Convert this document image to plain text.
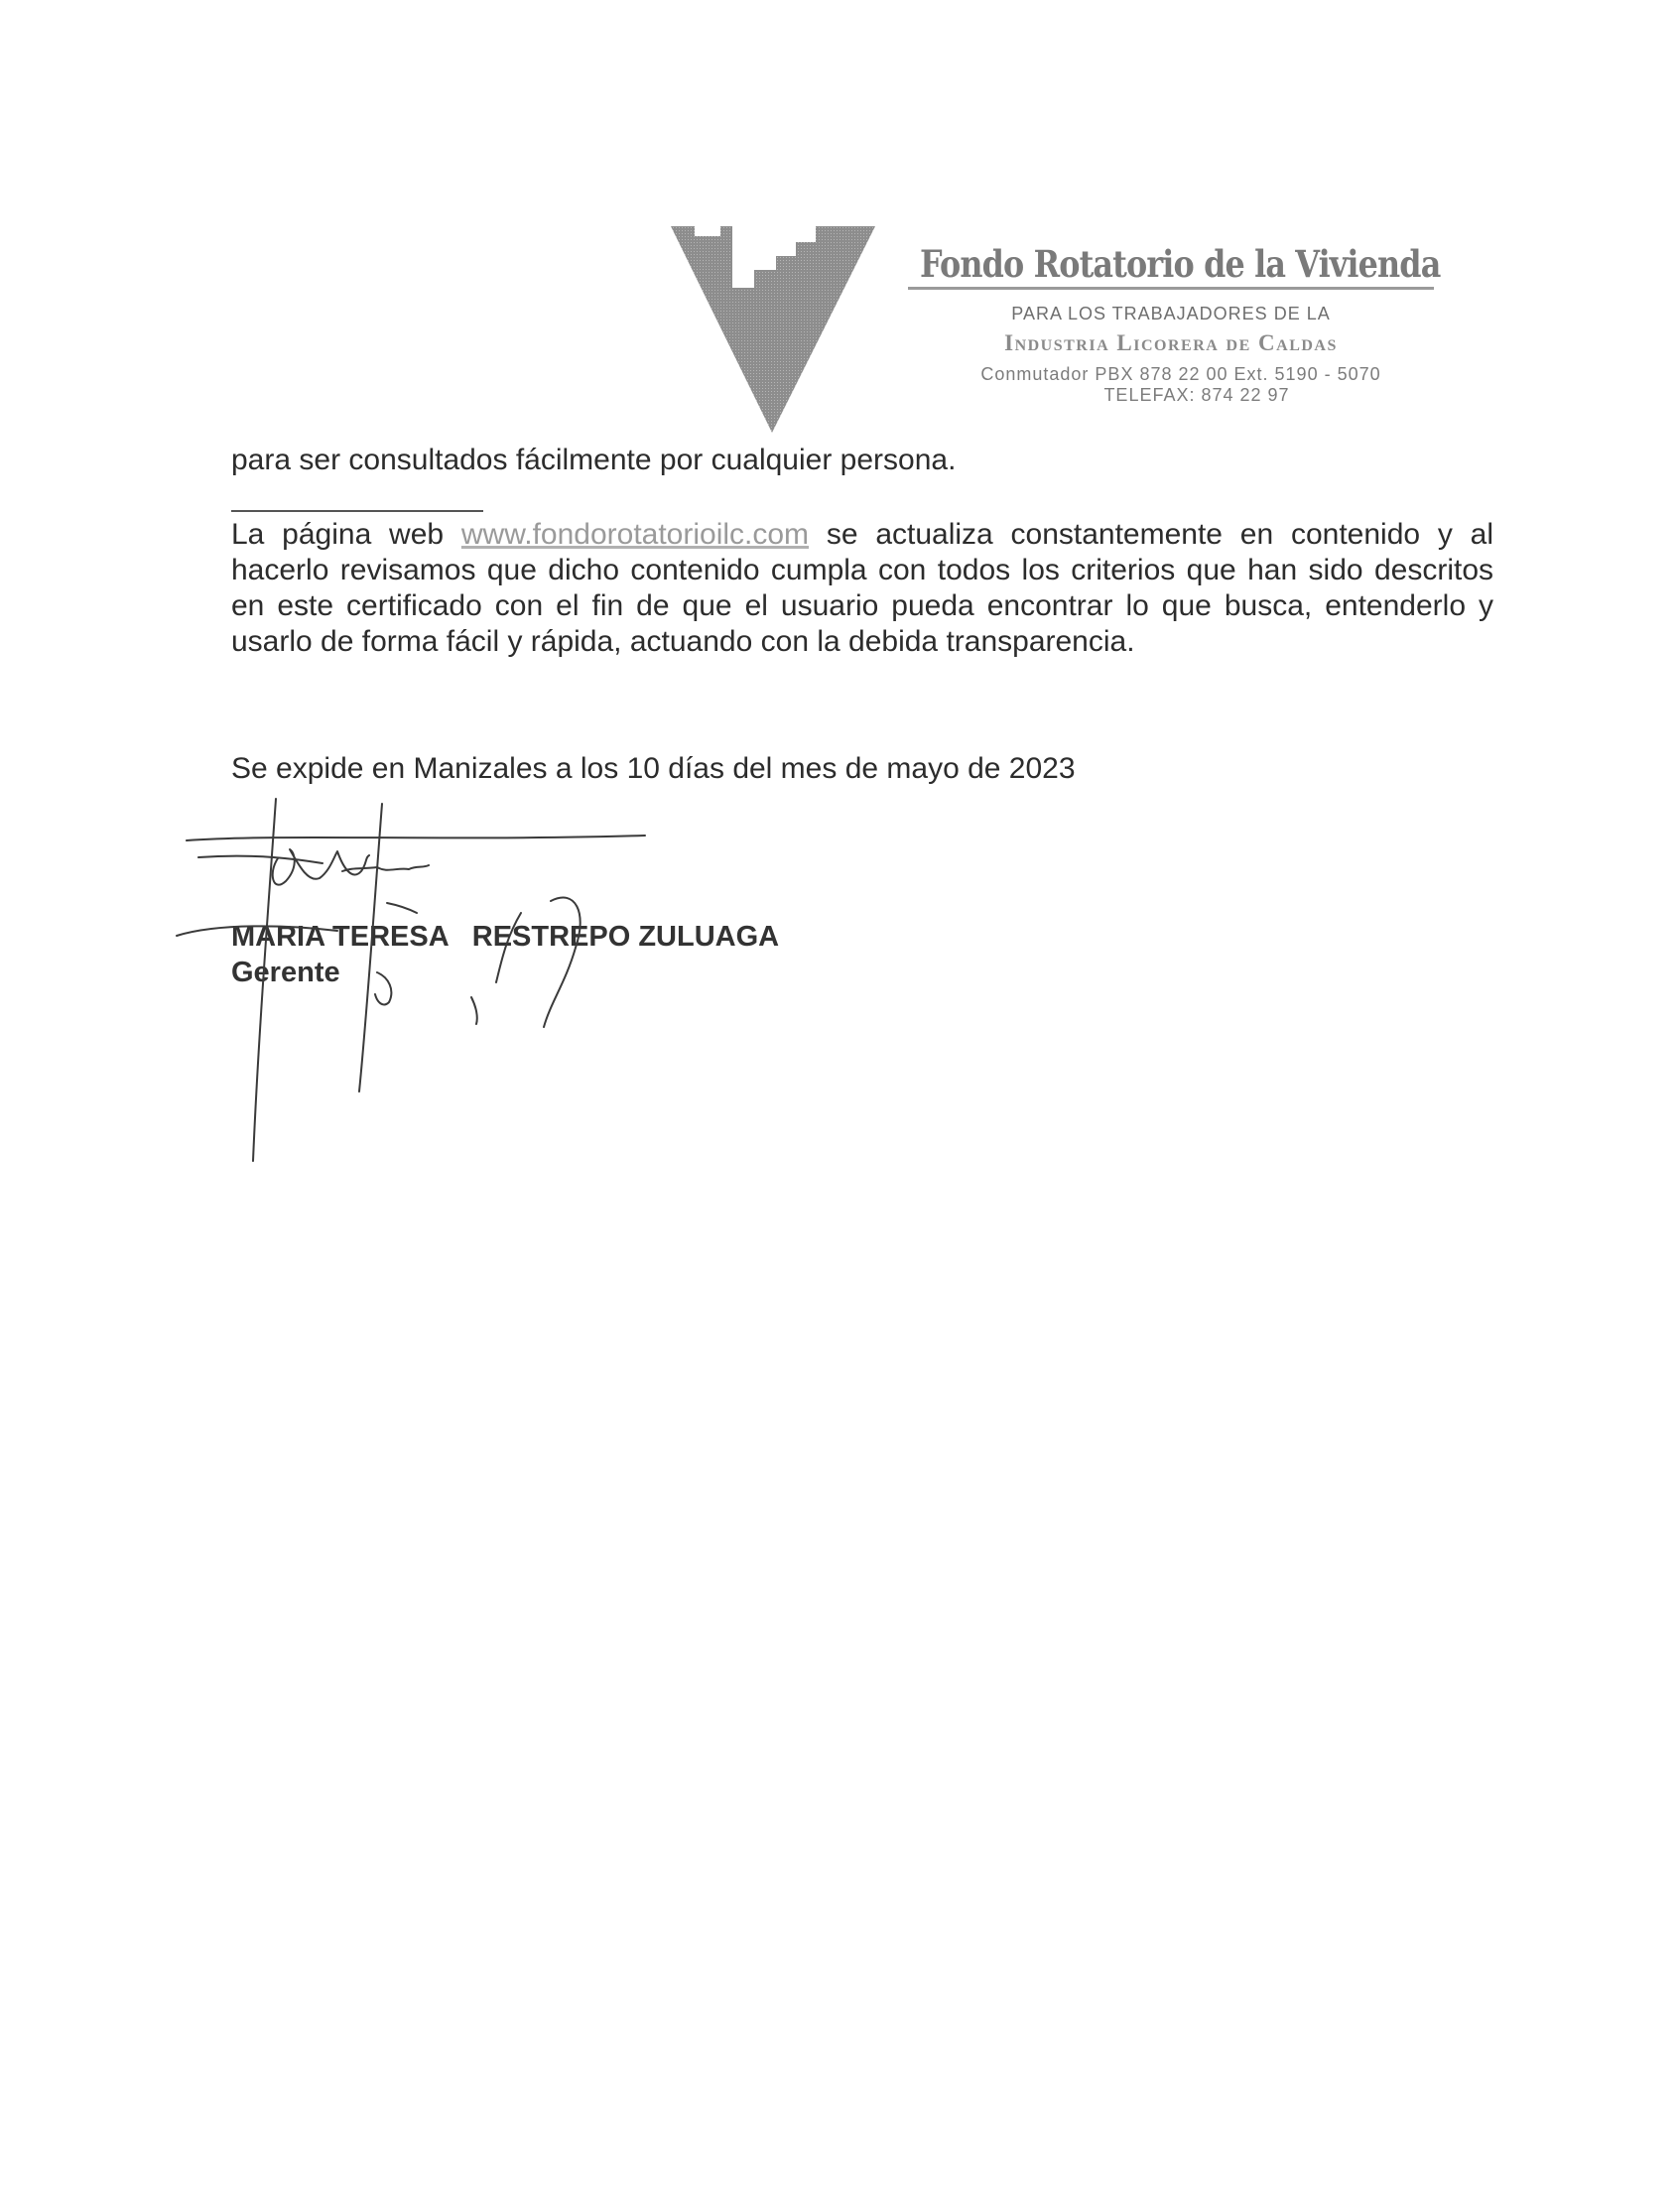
Fondo Rotatorio de la Vivienda
PARA LOS TRABAJADORES DE LA
Industria Licorera de Caldas
Conmutador PBX 878 22 00 Ext. 5190 - 5070
TELEFAX: 874 22 97
para ser consultados fácilmente por cualquier persona.
La página web www.fondorotatorioilc.com se actualiza constantemente en contenido y al hacerlo revisamos que dicho contenido cumpla con todos los criterios que han sido descritos en este certificado con el fin de que el usuario pueda encontrar lo que busca, entenderlo y usarlo de forma fácil y rápida, actuando con la debida transparencia.
Se expide en Manizales a los 10 días del mes de mayo de 2023
MARIA TERESA   RESTREPO ZULUAGA
Gerente
